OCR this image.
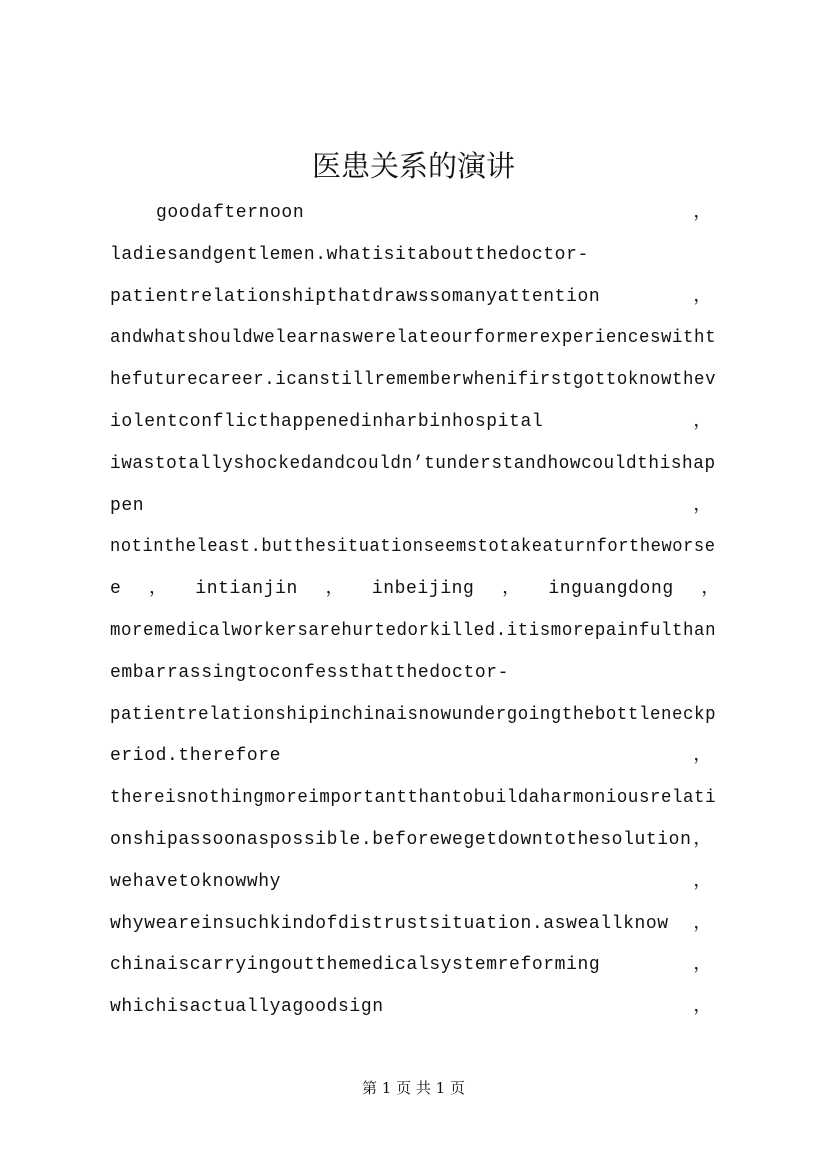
医患关系的演讲
goodafternoon	，
ladiesandgentlemen.whatisitaboutthedoctor-
patientrelationshipthatdrawssomanyattention	，
andwhatshouldwelearnaswerelateourformerexperienceswitht
hefuturecareer.icanstillrememberwhenifirstgottoknowthev
iolentconflicthappenedinharbinhospital	，
iwastotallyshockedandcouldn’tunderstandhowcouldthishap
pen	，
notintheleast.butthesituationseemstotakeaturnfortheworse
e ， intianjin ， inbeijing ， inguangdong ，
moremedicalworkersarehurtedorkilled.itismorepainfulthan
embarrassingtoconfessthatthedoctor-
patientrelationshipinchinaisnowundergoingthebottleneckp
eriod.therefore	，
thereisnothingmoreimportantthantobuildaharmoniousrelati
onshipassoonaspossible.beforewegetdowntothesolution ，
wehavetoknowwhy	，
whyweareinsuchkindofdistrustsituation.asweallknow ，
chinaiscarryingoutthemedicalsystemreforming	，
whichisactuallyagoodsign	，
第 1 页 共 1 页
